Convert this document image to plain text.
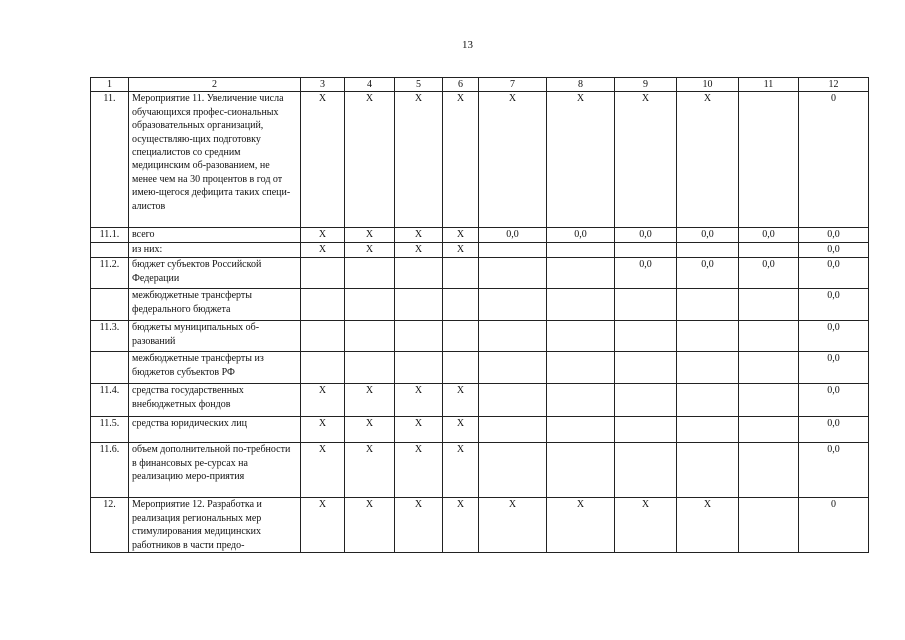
13
1	2	3	4	5	6	7	8	9	10	11	12
11.	Мероприятие 11. Увеличение числа обучающихся профес-сиональных образовательных организаций, осуществляю-щих подготовку специалистов со средним медицинским об-разованием, не менее чем на 30 процентов в год от имею-щегося дефицита таких специ-алистов	X	X	X	X	X	X	X	X		0
11.1.	всего	X	X	X	X	0,0	0,0	0,0	0,0	0,0	0,0
	из них:	X	X	X	X						0,0
11.2.	бюджет субъектов Российской Федерации							0,0	0,0	0,0	0,0
	межбюджетные трансферты федерального бюджета										0,0
11.3.	бюджеты муниципальных об-разований										0,0
	межбюджетные трансферты из бюджетов субъектов РФ										0,0
11.4.	средства государственных внебюджетных фондов	X	X	X	X						0,0
11.5.	средства юридических лиц	X	X	X	X						0,0
11.6.	объем дополнительной по-требности в финансовых ре-сурсах на реализацию меро-приятия	X	X	X	X						0,0
12.	Мероприятие 12. Разработка и реализация региональных мер стимулирования медицинских работников в части предо-	X	X	X	X	X	X	X	X		0
